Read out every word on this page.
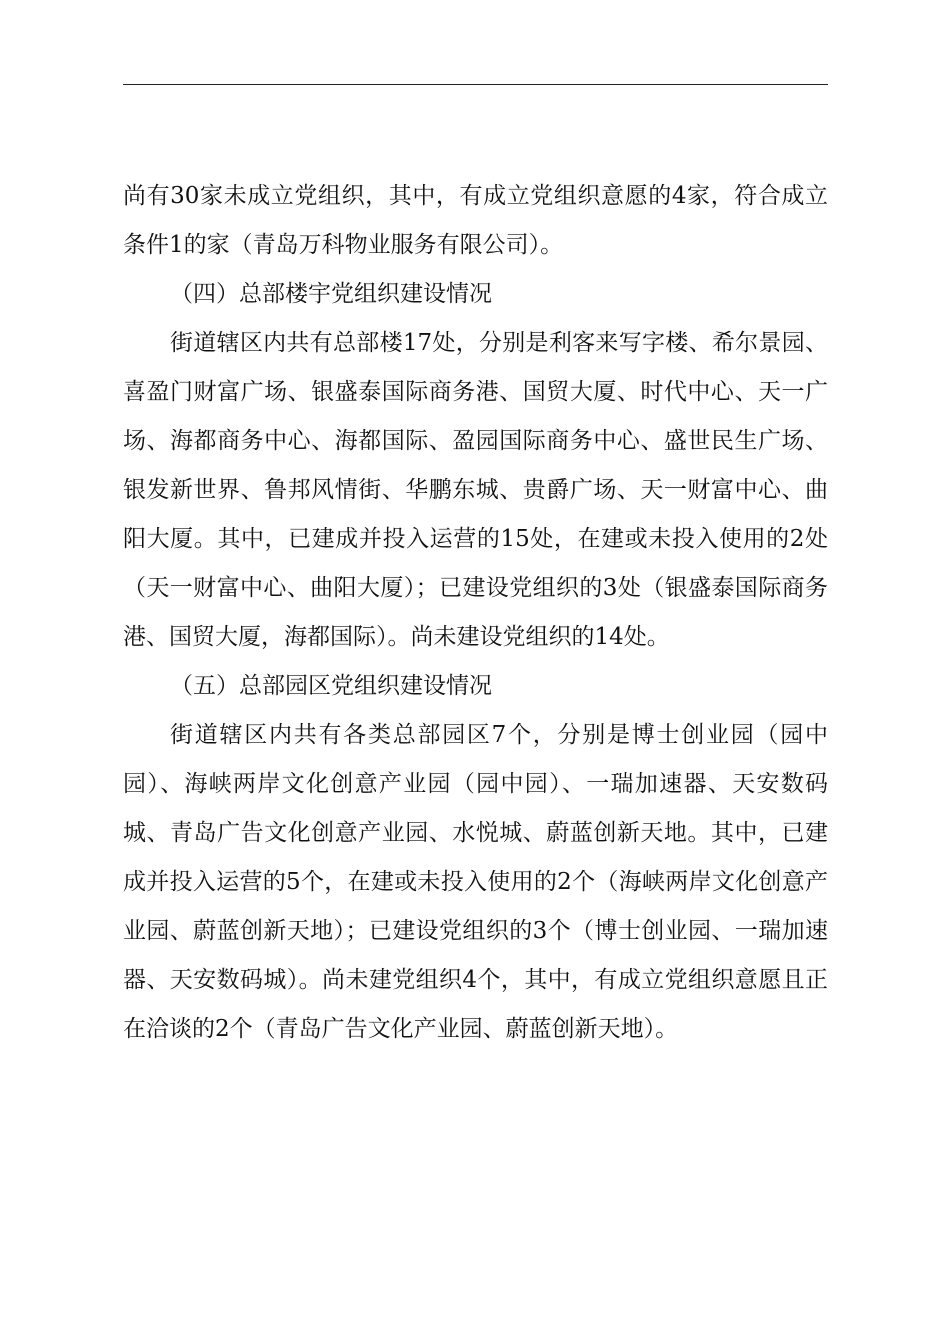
尚有30家未成立党组织，其中，有成立党组织意愿的4家，符合成立条件1的家（青岛万科物业服务有限公司）。

（四）总部楼宇党组织建设情况

街道辖区内共有总部楼17处，分别是利客来写字楼、希尔景园、喜盈门财富广场、银盛泰国际商务港、国贸大厦、时代中心、天一广场、海都商务中心、海都国际、盈园国际商务中心、盛世民生广场、银发新世界、鲁邦风情街、华鹏东城、贵爵广场、天一财富中心、曲阳大厦。其中，已建成并投入运营的15处，在建或未投入使用的2处（天一财富中心、曲阳大厦）；已建设党组织的3处（银盛泰国际商务港、国贸大厦，海都国际）。尚未建设党组织的14处。

（五）总部园区党组织建设情况

街道辖区内共有各类总部园区7个，分别是博士创业园（园中园）、海峡两岸文化创意产业园（园中园）、一瑞加速器、天安数码城、青岛广告文化创意产业园、水悦城、蔚蓝创新天地。其中，已建成并投入运营的5个，在建或未投入使用的2个（海峡两岸文化创意产业园、蔚蓝创新天地）；已建设党组织的3个（博士创业园、一瑞加速器、天安数码城）。尚未建党组织4个，其中，有成立党组织意愿且正在洽谈的2个（青岛广告文化产业园、蔚蓝创新天地）。
